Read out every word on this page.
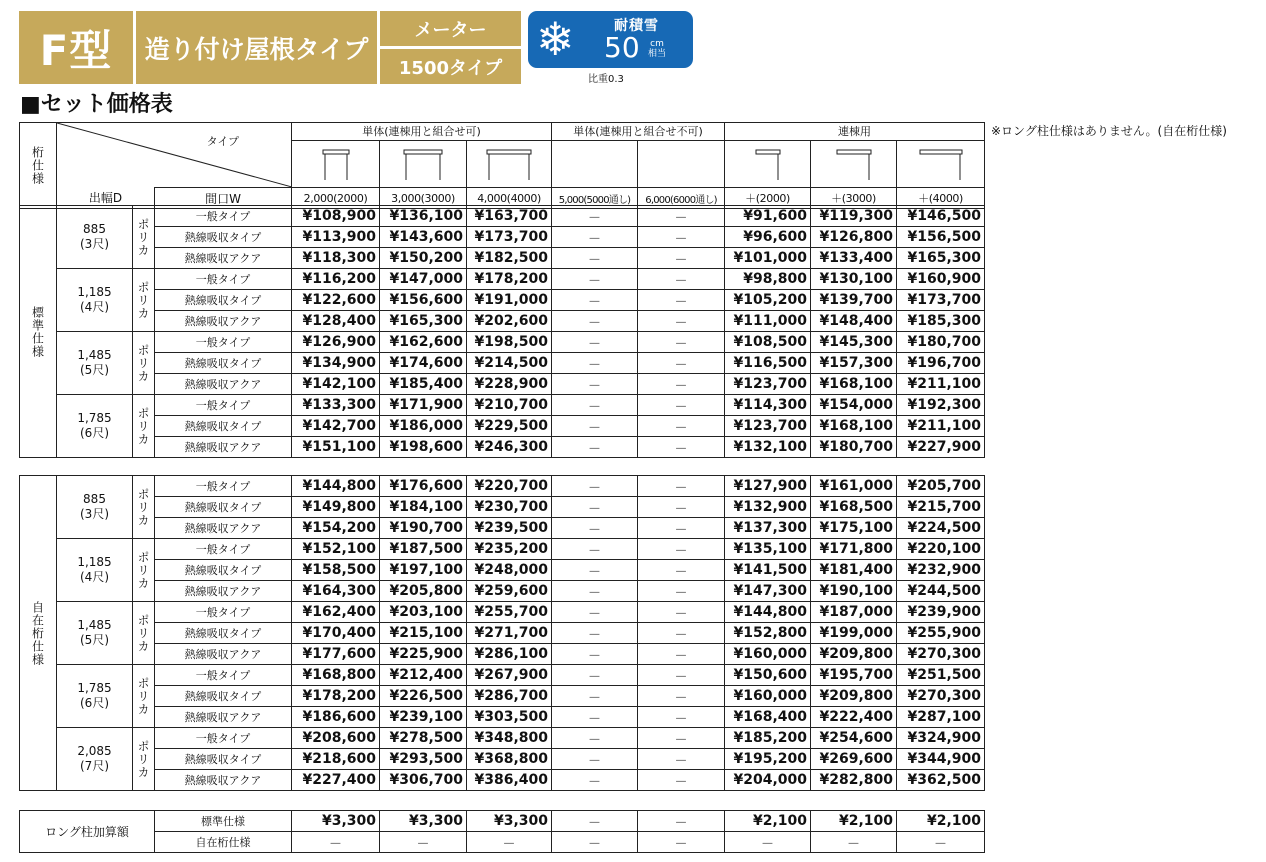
F型	造り付け屋根タイプ
メーター
1500タイプ
❄	耐積雪
50 cm
相当
比重0.3
■セット価格表
※ロング柱仕様はありません。(自在桁仕様)
桁仕様	タイプ		単体(連棟用と組合せ可)			単体(連棟用と組合せ不可)		連棟用		

	出幅D	間口W	2,000(2000)	3,000(3000)	4,000(4000)	5,000(5000通し)	6,000(6000通し)	＋(2000)	＋(3000)	＋(4000)
標準仕様	885
(3尺)	ポリカ	一般タイプ	¥108,900	¥136,100	¥163,700	－	－	¥91,600	¥119,300	¥146,500
			熱線吸収タイプ	¥113,900	¥143,600	¥173,700	－	－	¥96,600	¥126,800	¥156,500
			熱線吸収アクア	¥118,300	¥150,200	¥182,500	－	－	¥101,000	¥133,400	¥165,300
	1,185
(4尺)	ポリカ	一般タイプ	¥116,200	¥147,000	¥178,200	－	－	¥98,800	¥130,100	¥160,900
			熱線吸収タイプ	¥122,600	¥156,600	¥191,000	－	－	¥105,200	¥139,700	¥173,700
			熱線吸収アクア	¥128,400	¥165,300	¥202,600	－	－	¥111,000	¥148,400	¥185,300
	1,485
(5尺)	ポリカ	一般タイプ	¥126,900	¥162,600	¥198,500	－	－	¥108,500	¥145,300	¥180,700
			熱線吸収タイプ	¥134,900	¥174,600	¥214,500	－	－	¥116,500	¥157,300	¥196,700
			熱線吸収アクア	¥142,100	¥185,400	¥228,900	－	－	¥123,700	¥168,100	¥211,100
	1,785
(6尺)	ポリカ	一般タイプ	¥133,300	¥171,900	¥210,700	－	－	¥114,300	¥154,000	¥192,300
			熱線吸収タイプ	¥142,700	¥186,000	¥229,500	－	－	¥123,700	¥168,100	¥211,100
			熱線吸収アクア	¥151,100	¥198,600	¥246,300	－	－	¥132,100	¥180,700	¥227,900
自在桁仕様	885
(3尺)	ポリカ	一般タイプ	¥144,800	¥176,600	¥220,700	－	－	¥127,900	¥161,000	¥205,700
			熱線吸収タイプ	¥149,800	¥184,100	¥230,700	－	－	¥132,900	¥168,500	¥215,700
			熱線吸収アクア	¥154,200	¥190,700	¥239,500	－	－	¥137,300	¥175,100	¥224,500
	1,185
(4尺)	ポリカ	一般タイプ	¥152,100	¥187,500	¥235,200	－	－	¥135,100	¥171,800	¥220,100
			熱線吸収タイプ	¥158,500	¥197,100	¥248,000	－	－	¥141,500	¥181,400	¥232,900
			熱線吸収アクア	¥164,300	¥205,800	¥259,600	－	－	¥147,300	¥190,100	¥244,500
	1,485
(5尺)	ポリカ	一般タイプ	¥162,400	¥203,100	¥255,700	－	－	¥144,800	¥187,000	¥239,900
			熱線吸収タイプ	¥170,400	¥215,100	¥271,700	－	－	¥152,800	¥199,000	¥255,900
			熱線吸収アクア	¥177,600	¥225,900	¥286,100	－	－	¥160,000	¥209,800	¥270,300
	1,785
(6尺)	ポリカ	一般タイプ	¥168,800	¥212,400	¥267,900	－	－	¥150,600	¥195,700	¥251,500
			熱線吸収タイプ	¥178,200	¥226,500	¥286,700	－	－	¥160,000	¥209,800	¥270,300
			熱線吸収アクア	¥186,600	¥239,100	¥303,500	－	－	¥168,400	¥222,400	¥287,100
	2,085
(7尺)	ポリカ	一般タイプ	¥208,600	¥278,500	¥348,800	－	－	¥185,200	¥254,600	¥324,900
			熱線吸収タイプ	¥218,600	¥293,500	¥368,800	－	－	¥195,200	¥269,600	¥344,900
			熱線吸収アクア	¥227,400	¥306,700	¥386,400	－	－	¥204,000	¥282,800	¥362,500
ロング柱加算額	標準仕様	¥3,300	¥3,300	¥3,300	－	－	¥2,100	¥2,100	¥2,100
	自在桁仕様	－	－	－	－	－	－	－	－
